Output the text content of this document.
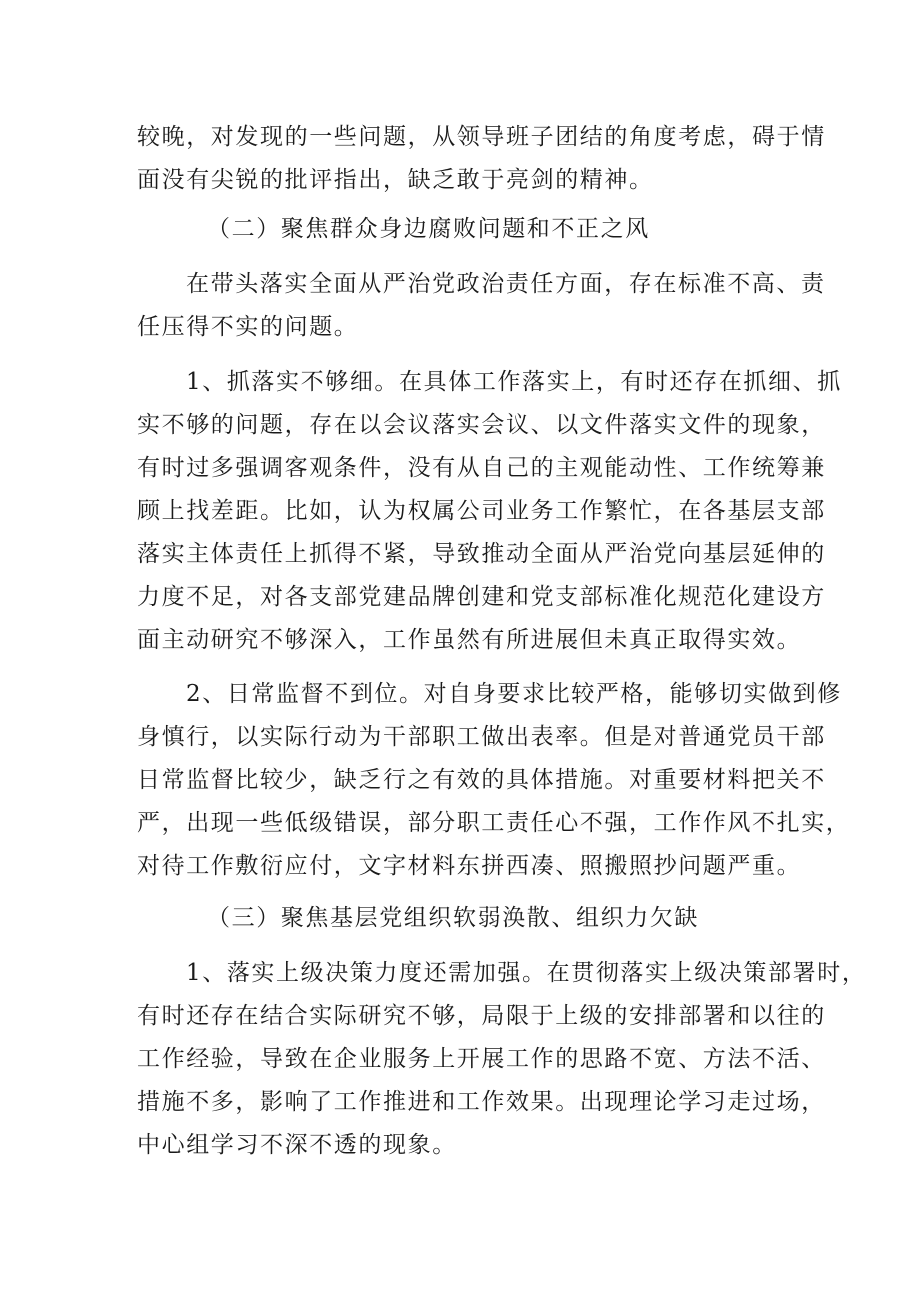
较晚，对发现的一些问题，从领导班子团结的角度考虑，碍于情
面没有尖锐的批评指出，缺乏敢于亮剑的精神。
（二）聚焦群众身边腐败问题和不正之风
在带头落实全面从严治党政治责任方面，存在标准不高、责
任压得不实的问题。
1、抓落实不够细。在具体工作落实上，有时还存在抓细、抓
实不够的问题，存在以会议落实会议、以文件落实文件的现象，
有时过多强调客观条件，没有从自己的主观能动性、工作统筹兼
顾上找差距。比如，认为权属公司业务工作繁忙，在各基层支部
落实主体责任上抓得不紧，导致推动全面从严治党向基层延伸的
力度不足，对各支部党建品牌创建和党支部标准化规范化建设方
面主动研究不够深入，工作虽然有所进展但未真正取得实效。
2、日常监督不到位。对自身要求比较严格，能够切实做到修
身慎行，以实际行动为干部职工做出表率。但是对普通党员干部
日常监督比较少，缺乏行之有效的具体措施。对重要材料把关不
严，出现一些低级错误，部分职工责任心不强，工作作风不扎实，
对待工作敷衍应付，文字材料东拼西凑、照搬照抄问题严重。
（三）聚焦基层党组织软弱涣散、组织力欠缺
1、落实上级决策力度还需加强。在贯彻落实上级决策部署时，
有时还存在结合实际研究不够，局限于上级的安排部署和以往的
工作经验，导致在企业服务上开展工作的思路不宽、方法不活、
措施不多，影响了工作推进和工作效果。出现理论学习走过场，
中心组学习不深不透的现象。
